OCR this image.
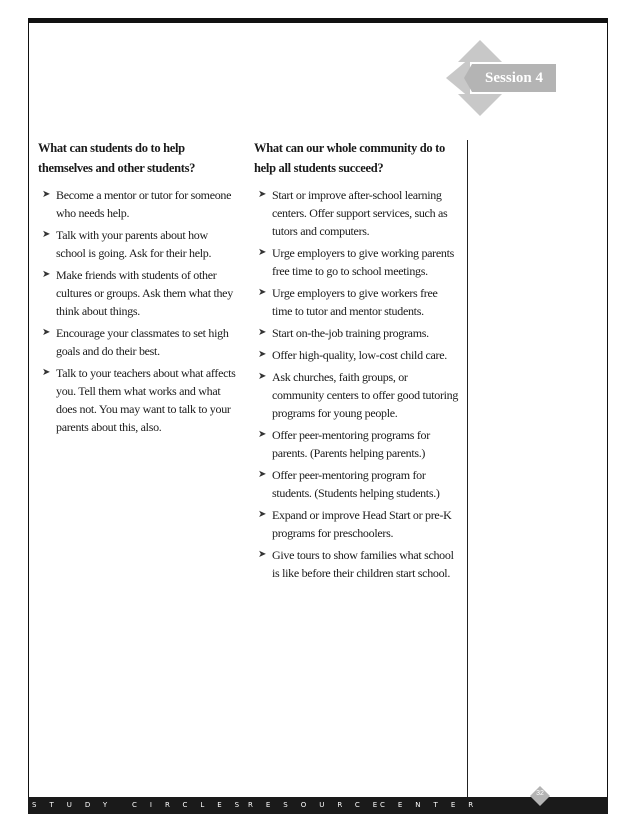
Session 4

What can students do to help themselves and other students?

➤ Become a mentor or tutor for someone who needs help.
➤ Talk with your parents about how school is going. Ask for their help.
➤ Make friends with students of other cultures or groups. Ask them what they think about things.
➤ Encourage your classmates to set high goals and do their best.
➤ Talk to your teachers about what affects you. Tell them what works and what does not. You may want to talk to your parents about this, also.

What can our whole community do to help all students succeed?

➤ Start or improve after-school learning centers. Offer support services, such as tutors and computers.
➤ Urge employers to give working parents free time to go to school meetings.
➤ Urge employers to give workers free time to tutor and mentor students.
➤ Start on-the-job training programs.
➤ Offer high-quality, low-cost child care.
➤ Ask churches, faith groups, or community centers to offer good tutoring programs for young people.
➤ Offer peer-mentoring programs for parents. (Parents helping parents.)
➤ Offer peer-mentoring program for students. (Students helping students.)
➤ Expand or improve Head Start or pre-K programs for preschoolers.
➤ Give tours to show families what school is like before their children start school.
STUDY CIRCLES
RESOURCE
CENTER
32
